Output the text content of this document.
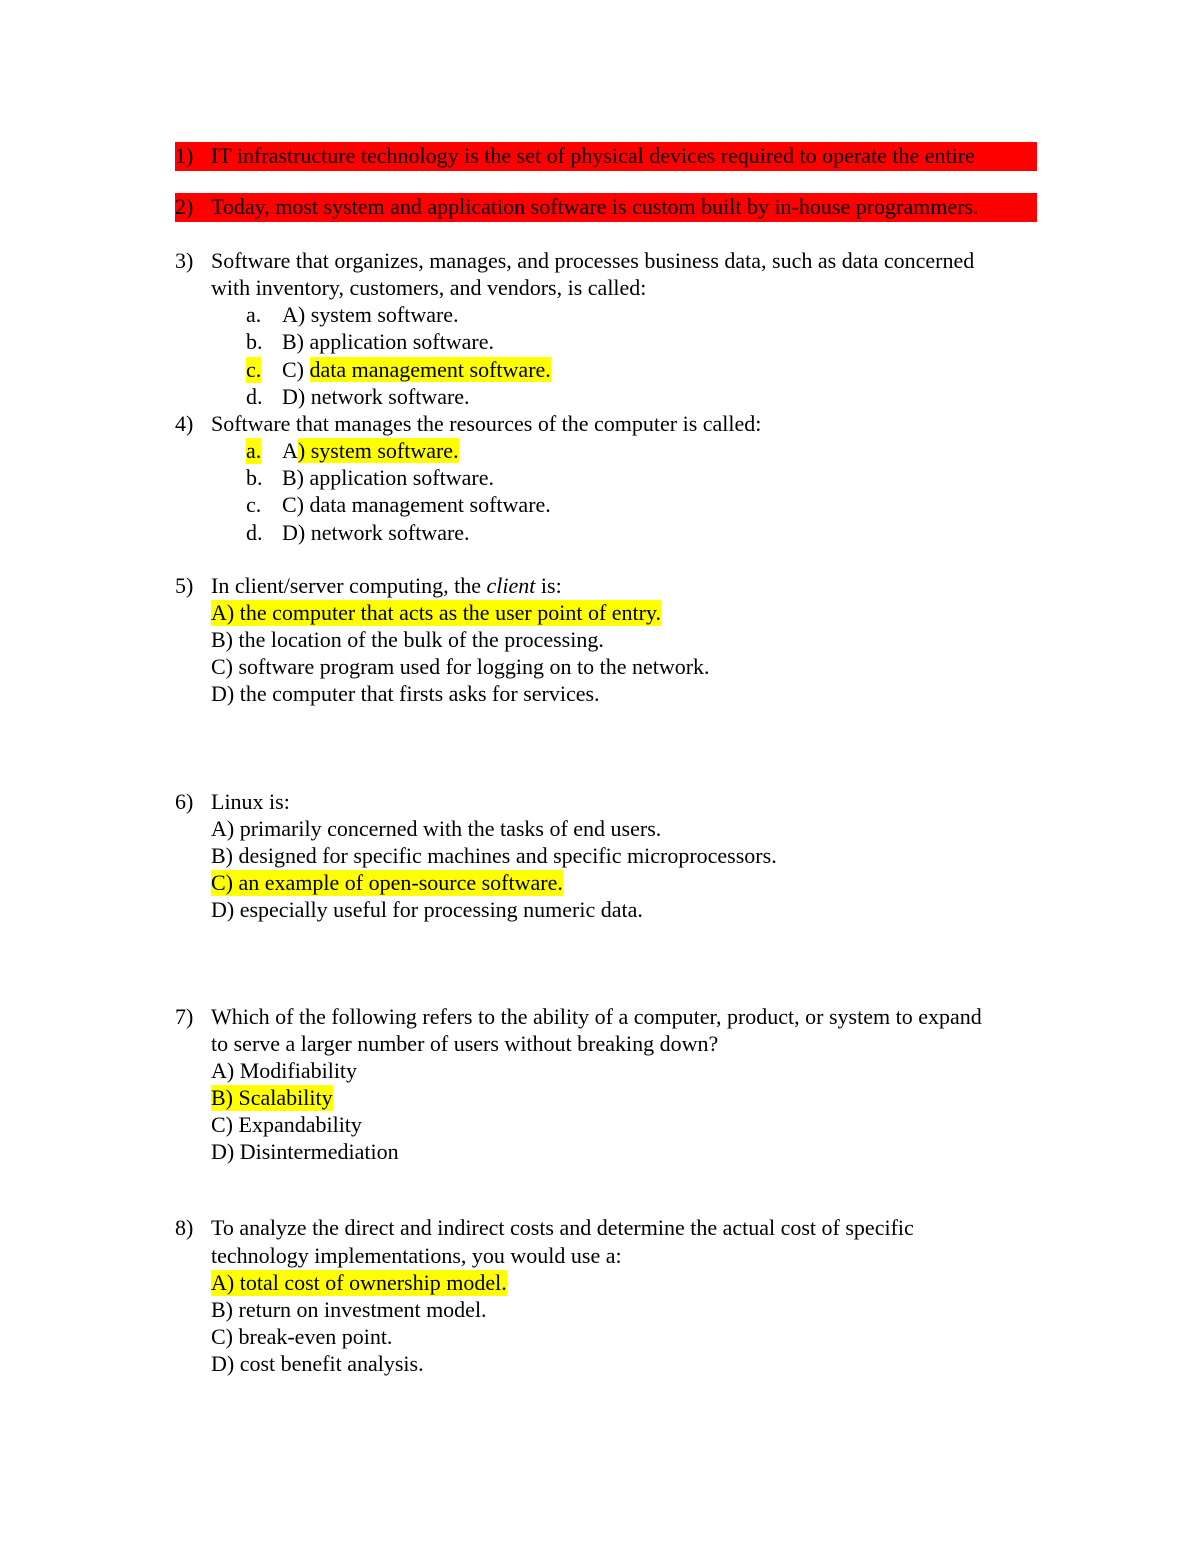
1) IT infrastructure technology is the set of physical devices required to operate the entire
2) Today, most system and application software is custom built by in-house programmers.
3) Software that organizes, manages, and processes business data, such as data concerned
with inventory, customers, and vendors, is called:
a. A) system software.
b. B) application software.
c. C) data management software.
d. D) network software.
4) Software that manages the resources of the computer is called:
a. A) system software.
b. B) application software.
c. C) data management software.
d. D) network software.
5) In client/server computing, the client is:
A) the computer that acts as the user point of entry.
B) the location of the bulk of the processing.
C) software program used for logging on to the network.
D) the computer that firsts asks for services.
6) Linux is:
A) primarily concerned with the tasks of end users.
B) designed for specific machines and specific microprocessors.
C) an example of open-source software.
D) especially useful for processing numeric data.
7) Which of the following refers to the ability of a computer, product, or system to expand
to serve a larger number of users without breaking down?
A) Modifiability
B) Scalability
C) Expandability
D) Disintermediation
8) To analyze the direct and indirect costs and determine the actual cost of specific
technology implementations, you would use a:
A) total cost of ownership model.
B) return on investment model.
C) break-even point.
D) cost benefit analysis.
